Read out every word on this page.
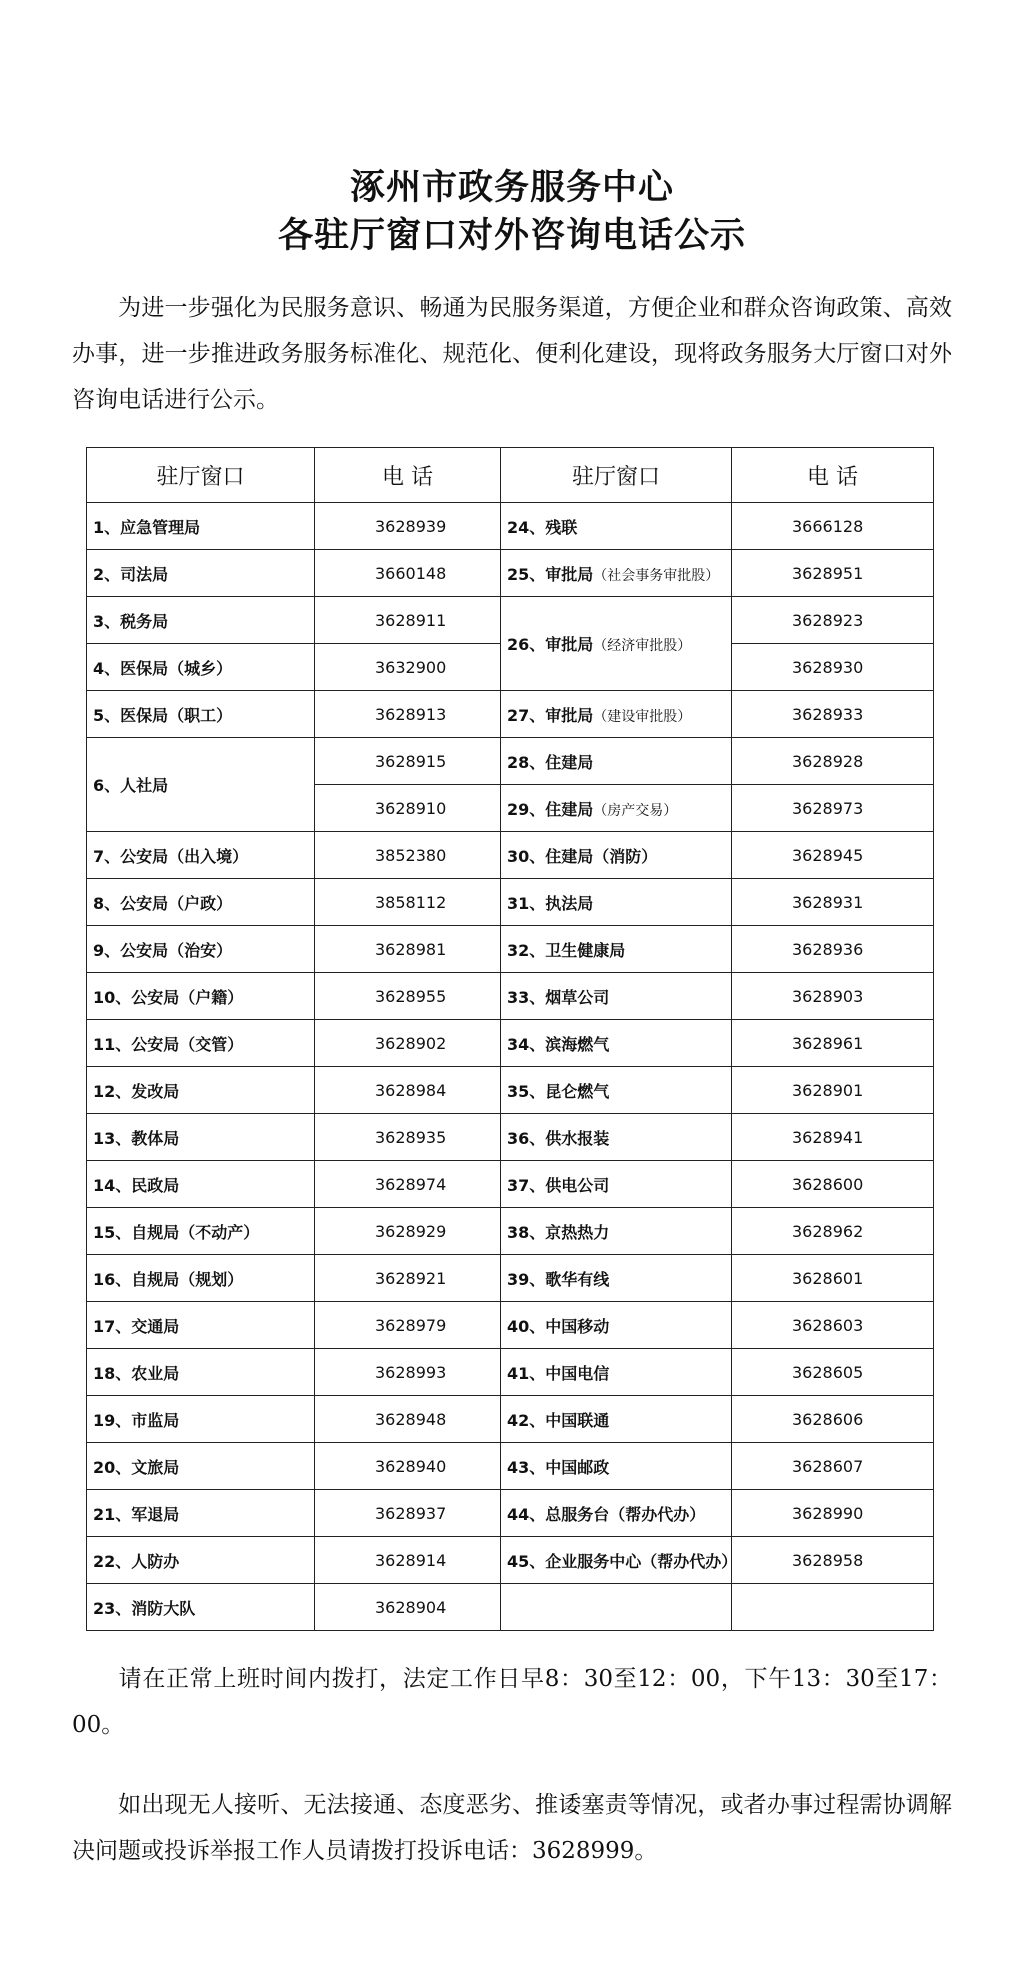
涿州市政务服务中心
各驻厅窗口对外咨询电话公示
为进一步强化为民服务意识、畅通为民服务渠道，方便企业和群众咨询政策、高效办事，进一步推进政务服务标准化、规范化、便利化建设，现将政务服务大厅窗口对外咨询电话进行公示。
驻厅窗口	电 话	驻厅窗口	电 话
1、应急管理局	3628939	24、残联	3666128
2、司法局	3660148	25、审批局（社会事务审批股）	3628951
3、税务局	3628911	26、审批局（经济审批股）	3628923
4、医保局（城乡）	3632900		3628930
5、医保局（职工）	3628913	27、审批局（建设审批股）	3628933
6、人社局	3628915	28、住建局	3628928
	3628910	29、住建局（房产交易）	3628973
7、公安局（出入境）	3852380	30、住建局（消防）	3628945
8、公安局（户政）	3858112	31、执法局	3628931
9、公安局（治安）	3628981	32、卫生健康局	3628936
10、公安局（户籍）	3628955	33、烟草公司	3628903
11、公安局（交管）	3628902	34、滨海燃气	3628961
12、发改局	3628984	35、昆仑燃气	3628901
13、教体局	3628935	36、供水报装	3628941
14、民政局	3628974	37、供电公司	3628600
15、自规局（不动产）	3628929	38、京热热力	3628962
16、自规局（规划）	3628921	39、歌华有线	3628601
17、交通局	3628979	40、中国移动	3628603
18、农业局	3628993	41、中国电信	3628605
19、市监局	3628948	42、中国联通	3628606
20、文旅局	3628940	43、中国邮政	3628607
21、军退局	3628937	44、总服务台（帮办代办）	3628990
22、人防办	3628914	45、企业服务中心（帮办代办）	3628958
23、消防大队	3628904		
请在正常上班时间内拨打，法定工作日早8：30至12：00，下午13：30至17：00。
如出现无人接听、无法接通、态度恶劣、推诿塞责等情况，或者办事过程需协调解决问题或投诉举报工作人员请拨打投诉电话：3628999。
